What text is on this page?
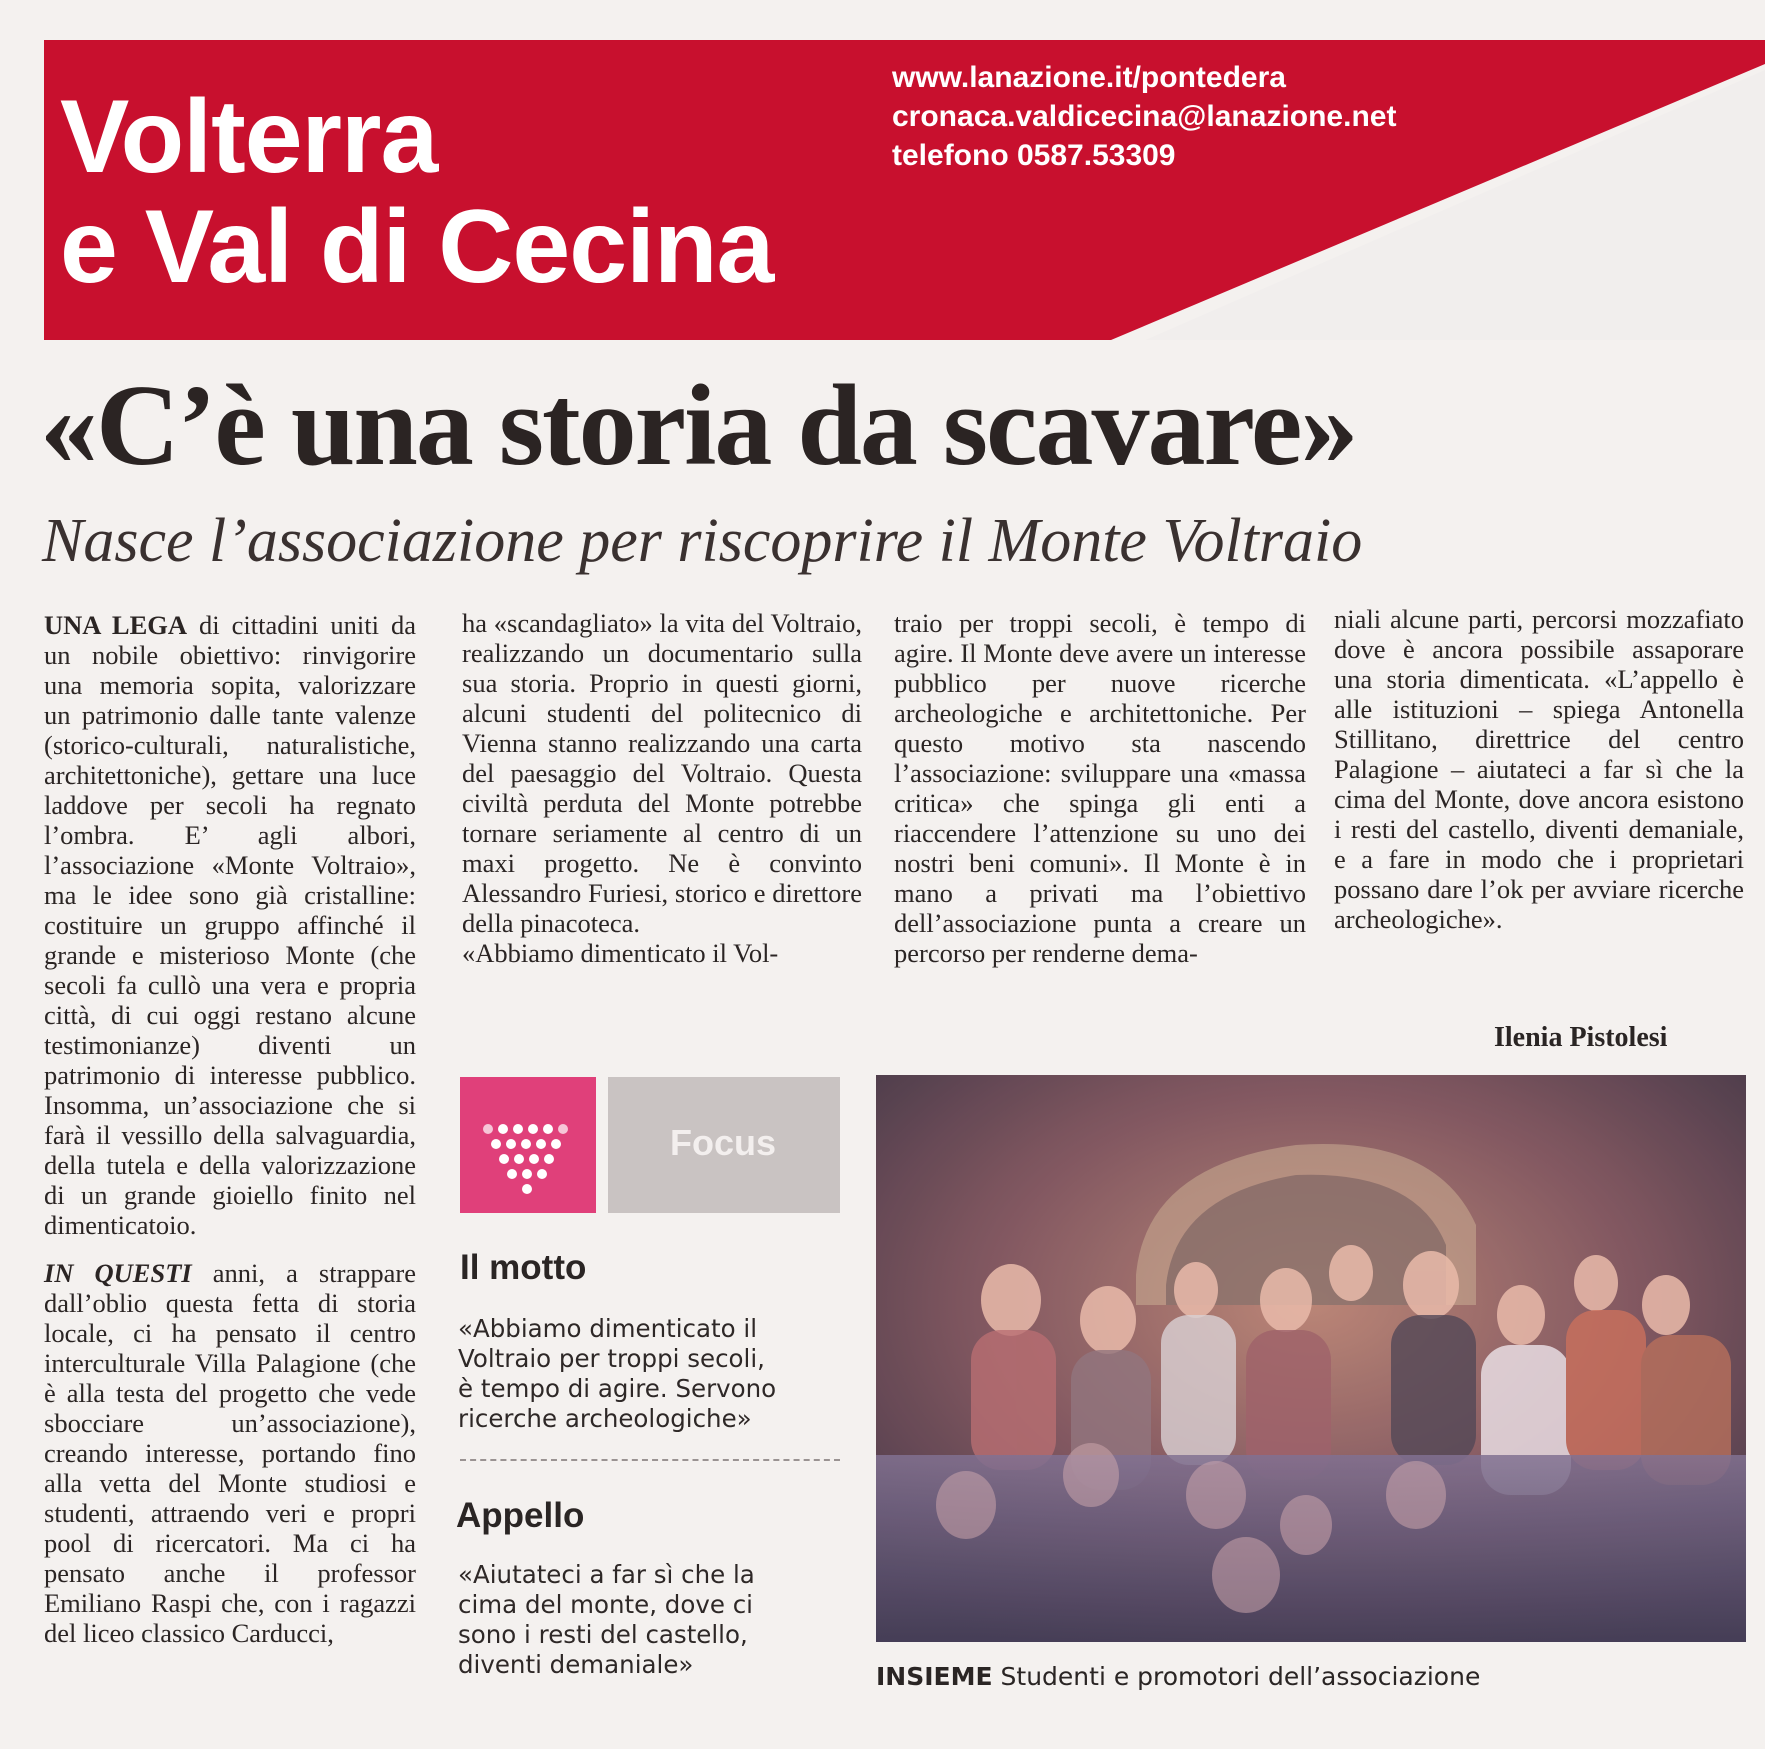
Volterra
e Val di Cecina
www.lanazione.it/pontedera
cronaca.valdicecina@lanazione.net
telefono 0587.53309
«C’è una storia da scavare»
Nasce l’associazione per riscoprire il Monte Voltraio

UNA LEGA di cittadini uniti da un nobile obiettivo: rinvigorire una memoria sopita, valorizzare un patrimonio dalle tante valenze (storico-culturali, naturalistiche, architettoniche), gettare una luce laddove per secoli ha regnato l’ombra. E’ agli albori, l’associazione «Monte Voltraio», ma le idee sono già cristalline: costituire un gruppo affinché il grande e misterioso Monte (che secoli fa cullò una vera e propria città, di cui oggi restano alcune testimonianze) diventi un patrimonio di interesse pubblico. Insomma, un’associazione che si farà il vessillo della salvaguardia, della tutela e della valorizzazione di un grande gioiello finito nel dimenticatoio.

IN QUESTI anni, a strappare dall’oblio questa fetta di storia locale, ci ha pensato il centro interculturale Villa Palagione (che è alla testa del progetto che vede sbocciare un’associazione), creando interesse, portando fino alla vetta del Monte studiosi e studenti, attraendo veri e propri pool di ricercatori. Ma ci ha pensato anche il professor Emiliano Raspi che, con i ragazzi del liceo classico Carducci,

ha «scandagliato» la vita del Voltraio, realizzando un documentario sulla sua storia. Proprio in questi giorni, alcuni studenti del politecnico di Vienna stanno realizzando una carta del paesaggio del Voltraio. Questa civiltà perduta del Monte potrebbe tornare seriamente al centro di un maxi progetto. Ne è convinto Alessandro Furiesi, storico e direttore della pinacoteca.

«Abbiamo dimenticato il Vol-

traio per troppi secoli, è tempo di agire. Il Monte deve avere un interesse pubblico per nuove ricerche archeologiche e architettoniche. Per questo motivo sta nascendo l’associazione: sviluppare una «massa critica» che spinga gli enti a riaccendere l’attenzione su uno dei nostri beni comuni». Il Monte è in mano a privati ma l’obiettivo dell’associazione punta a creare un percorso per renderne dema-

niali alcune parti, percorsi mozzafiato dove è ancora possibile assaporare una storia dimenticata. «L’appello è alle istituzioni – spiega Antonella Stillitano, direttrice del centro Palagione – aiutateci a far sì che la cima del Monte, dove ancora esistono i resti del castello, diventi demaniale, e a fare in modo che i proprietari possano dare l’ok per avviare ricerche archeologiche».

Ilenia Pistolesi
Focus
Il motto
«Abbiamo dimenticato il
Voltraio per troppi secoli,
è tempo di agire. Servono
ricerche archeologiche»
Appello
«Aiutateci a far sì che la
cima del monte, dove ci
sono i resti del castello,
diventi demaniale»	INSIEME Studenti e promotori dell’associazione
